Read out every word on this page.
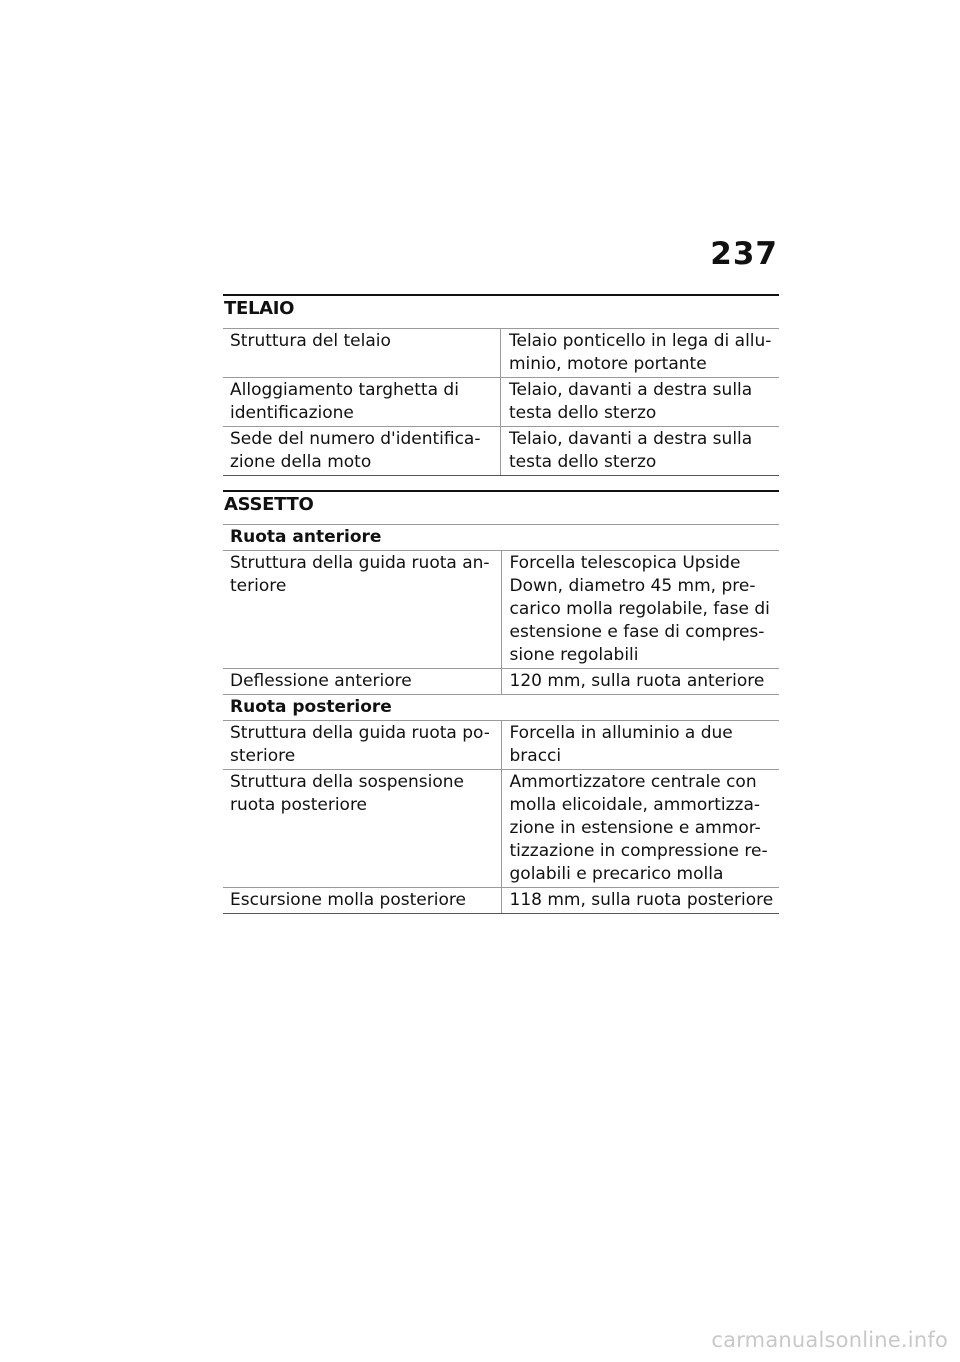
237
TELAIO
Struttura del telaio	Telaio ponticello in lega di allu-minio, motore portante
Alloggiamento targhetta di identificazione	Telaio, davanti a destra sulla testa dello sterzo
Sede del numero d'identifica-zione della moto	Telaio, davanti a destra sulla testa dello sterzo
ASSETTO
Ruota anteriore	
Struttura della guida ruota an-teriore	Forcella telescopica Upside Down, diametro 45 mm, pre-carico molla regolabile, fase di estensione e fase di compres-sione regolabili
Deflessione anteriore	120 mm, sulla ruota anteriore
Ruota posteriore	
Struttura della guida ruota po-steriore	Forcella in alluminio a due bracci
Struttura della sospensione ruota posteriore	Ammortizzatore centrale con molla elicoidale, ammortizza-zione in estensione e ammor-tizzazione in compressione re-golabili e precarico molla
Escursione molla posteriore	118 mm, sulla ruota posteriore
carmanualsonline.info
